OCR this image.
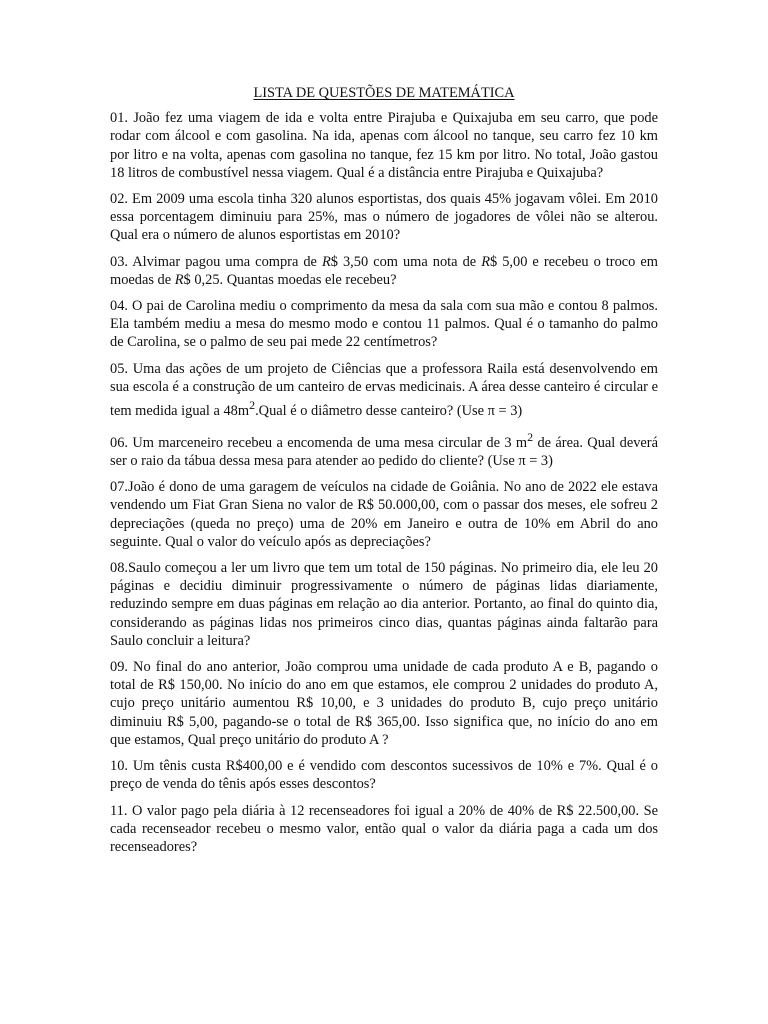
LISTA DE QUESTÕES DE MATEMÁTICA

01. João fez uma viagem de ida e volta entre Pirajuba e Quixajuba em seu carro, que pode rodar com álcool e com gasolina. Na ida, apenas com álcool no tanque, seu carro fez 10 km por litro e na volta, apenas com gasolina no tanque, fez 15 km por litro. No total, João gastou 18 litros de combustível nessa viagem. Qual é a distância entre Pirajuba e Quixajuba?

02. Em 2009 uma escola tinha 320 alunos esportistas, dos quais 45% jogavam vôlei. Em 2010 essa porcentagem diminuiu para 25%, mas o número de jogadores de vôlei não se alterou. Qual era o número de alunos esportistas em 2010?

03. Alvimar pagou uma compra de R$ 3,50 com uma nota de R$ 5,00 e recebeu o troco em moedas de R$ 0,25. Quantas moedas ele recebeu?

04. O pai de Carolina mediu o comprimento da mesa da sala com sua mão e contou 8 palmos. Ela também mediu a mesa do mesmo modo e contou 11 palmos. Qual é o tamanho do palmo de Carolina, se o palmo de seu pai mede 22 centímetros?

05. Uma das ações de um projeto de Ciências que a professora Raila está desenvolvendo em sua escola é a construção de um canteiro de ervas medicinais. A área desse canteiro é circular e tem medida igual a $48m^2.Qual$ é o diâmetro desse canteiro? (Use π = 3)

06. Um marceneiro recebeu a encomenda de uma mesa circular de 3 $m^2$ de área. Qual deverá ser o raio da tábua dessa mesa para atender ao pedido do cliente? (Use π = 3)

07.João é dono de uma garagem de veículos na cidade de Goiânia. No ano de 2022 ele estava vendendo um Fiat Gran Siena no valor de R$ 50.000,00, com o passar dos meses, ele sofreu 2 depreciações (queda no preço) uma de 20% em Janeiro e outra de 10% em Abril do ano seguinte. Qual o valor do veículo após as depreciações?

08.Saulo começou a ler um livro que tem um total de 150 páginas. No primeiro dia, ele leu 20 páginas e decidiu diminuir progressivamente o número de páginas lidas diariamente, reduzindo sempre em duas páginas em relação ao dia anterior. Portanto, ao final do quinto dia, considerando as páginas lidas nos primeiros cinco dias, quantas páginas ainda faltarão para Saulo concluir a leitura?

09. No final do ano anterior, João comprou uma unidade de cada produto A e B, pagando o total de R$ 150,00. No início do ano em que estamos, ele comprou 2 unidades do produto A, cujo preço unitário aumentou R$ 10,00, e 3 unidades do produto B, cujo preço unitário diminuiu R$ 5,00, pagando-se o total de R$ 365,00. Isso significa que, no início do ano em que estamos, Qual preço unitário do produto A ?

10. Um tênis custa R$400,00 e é vendido com descontos sucessivos de 10% e 7%. Qual é o preço de venda do tênis após esses descontos?

11. O valor pago pela diária à 12 recenseadores foi igual a 20% de 40% de R$ 22.500,00. Se cada recenseador recebeu o mesmo valor, então qual o valor da diária paga a cada um dos recenseadores?
